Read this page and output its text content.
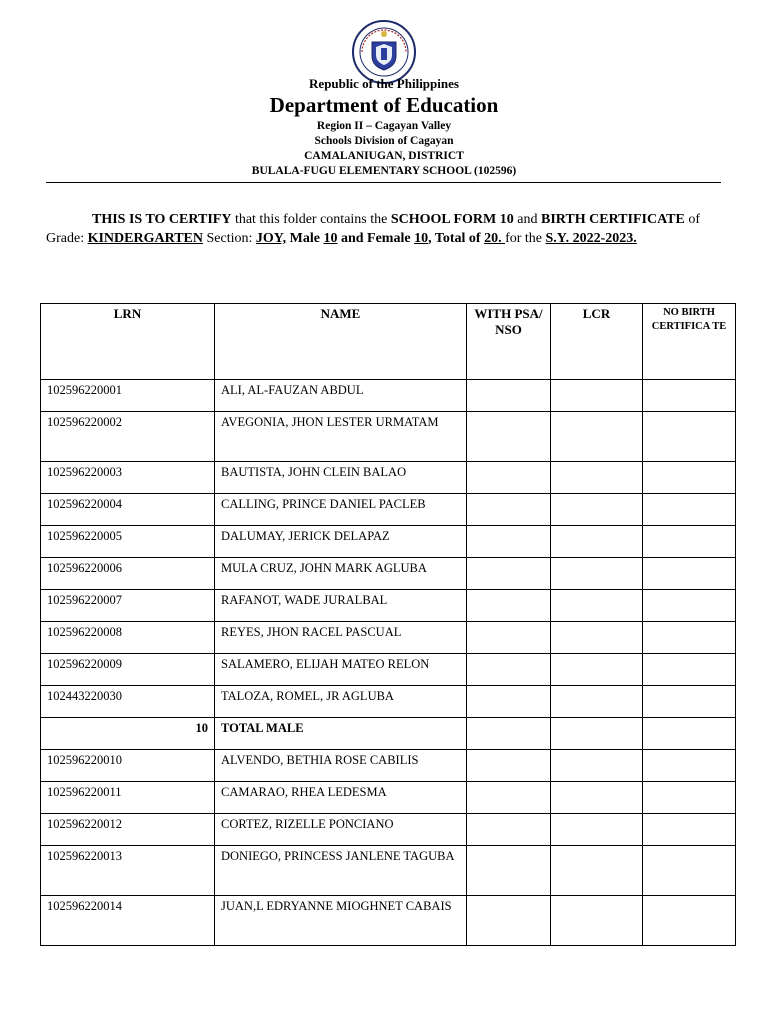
Republic of the Philippines
Department of Education
Region II – Cagayan Valley
Schools Division of Cagayan
CAMALANIUGAN, DISTRICT
BULALA-FUGU ELEMENTARY SCHOOL (102596)
THIS IS TO CERTIFY that this folder contains the SCHOOL FORM 10 and BIRTH CERTIFICATE of Grade: KINDERGARTEN Section: JOY, Male 10 and Female 10, Total of 20. for the S.Y. 2022-2023.
LRN	NAME	WITH PSA/ NSO	LCR	NO BIRTH CERTIFICA TE
102596220001	ALI, AL-FAUZAN ABDUL			
102596220002	AVEGONIA, JHON LESTER URMATAM			
102596220003	BAUTISTA, JOHN CLEIN BALAO			
102596220004	CALLING, PRINCE DANIEL PACLEB			
102596220005	DALUMAY, JERICK DELAPAZ			
102596220006	MULA CRUZ, JOHN MARK AGLUBA			
102596220007	RAFANOT, WADE JURALBAL			
102596220008	REYES, JHON RACEL PASCUAL			
102596220009	SALAMERO, ELIJAH MATEO RELON			
102443220030	TALOZA, ROMEL, JR AGLUBA			
10	TOTAL MALE			
102596220010	ALVENDO, BETHIA ROSE CABILIS			
102596220011	CAMARAO, RHEA LEDESMA			
102596220012	CORTEZ, RIZELLE PONCIANO			
102596220013	DONIEGO, PRINCESS JANLENE TAGUBA			
102596220014	JUAN,L EDRYANNE MIOGHNET CABAIS			
